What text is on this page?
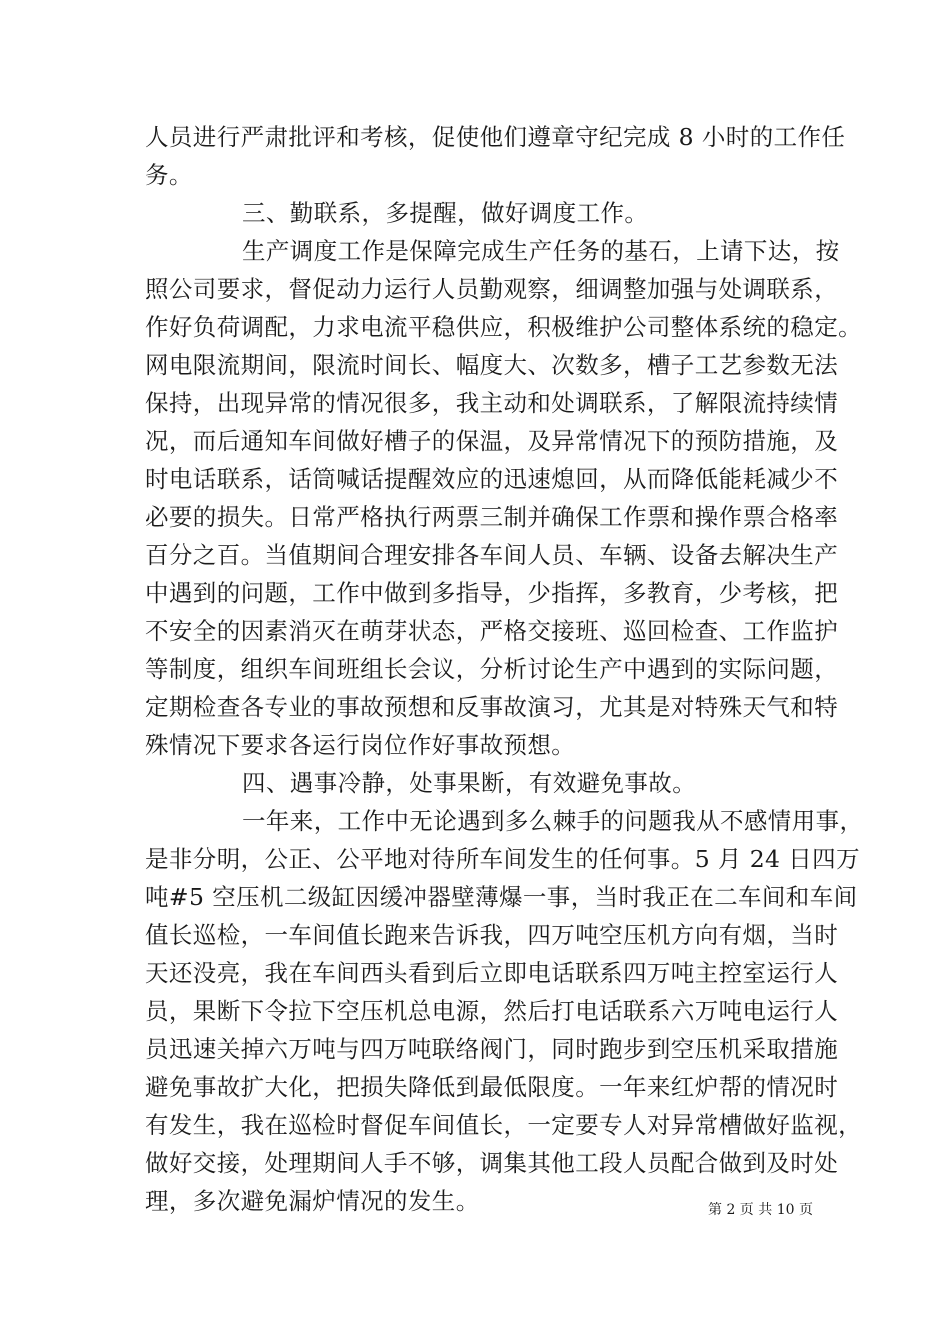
人员进行严肃批评和考核，促使他们遵章守纪完成 8 小时的工作任
务。
三、勤联系，多提醒，做好调度工作。
生产调度工作是保障完成生产任务的基石，上请下达，按
照公司要求，督促动力运行人员勤观察，细调整加强与处调联系，
作好负荷调配，力求电流平稳供应，积极维护公司整体系统的稳定。
网电限流期间，限流时间长、幅度大、次数多，槽子工艺参数无法
保持，出现异常的情况很多，我主动和处调联系，了解限流持续情
况，而后通知车间做好槽子的保温，及异常情况下的预防措施，及
时电话联系，话筒喊话提醒效应的迅速熄回，从而降低能耗减少不
必要的损失。日常严格执行两票三制并确保工作票和操作票合格率
百分之百。当值期间合理安排各车间人员、车辆、设备去解决生产
中遇到的问题，工作中做到多指导，少指挥，多教育，少考核，把
不安全的因素消灭在萌芽状态，严格交接班、巡回检查、工作监护
等制度，组织车间班组长会议，分析讨论生产中遇到的实际问题，
定期检查各专业的事故预想和反事故演习，尤其是对特殊天气和特
殊情况下要求各运行岗位作好事故预想。
四、遇事冷静，处事果断，有效避免事故。
一年来，工作中无论遇到多么棘手的问题我从不感情用事，
是非分明，公正、公平地对待所车间发生的任何事。5 月 24 日四万
吨#5 空压机二级缸因缓冲器壁薄爆一事，当时我正在二车间和车间
值长巡检，一车间值长跑来告诉我，四万吨空压机方向有烟，当时
天还没亮，我在车间西头看到后立即电话联系四万吨主控室运行人
员，果断下令拉下空压机总电源，然后打电话联系六万吨电运行人
员迅速关掉六万吨与四万吨联络阀门，同时跑步到空压机采取措施
避免事故扩大化，把损失降低到最低限度。一年来红炉帮的情况时
有发生，我在巡检时督促车间值长，一定要专人对异常槽做好监视，
做好交接，处理期间人手不够，调集其他工段人员配合做到及时处
理，多次避免漏炉情况的发生。	第 2 页 共 10 页
